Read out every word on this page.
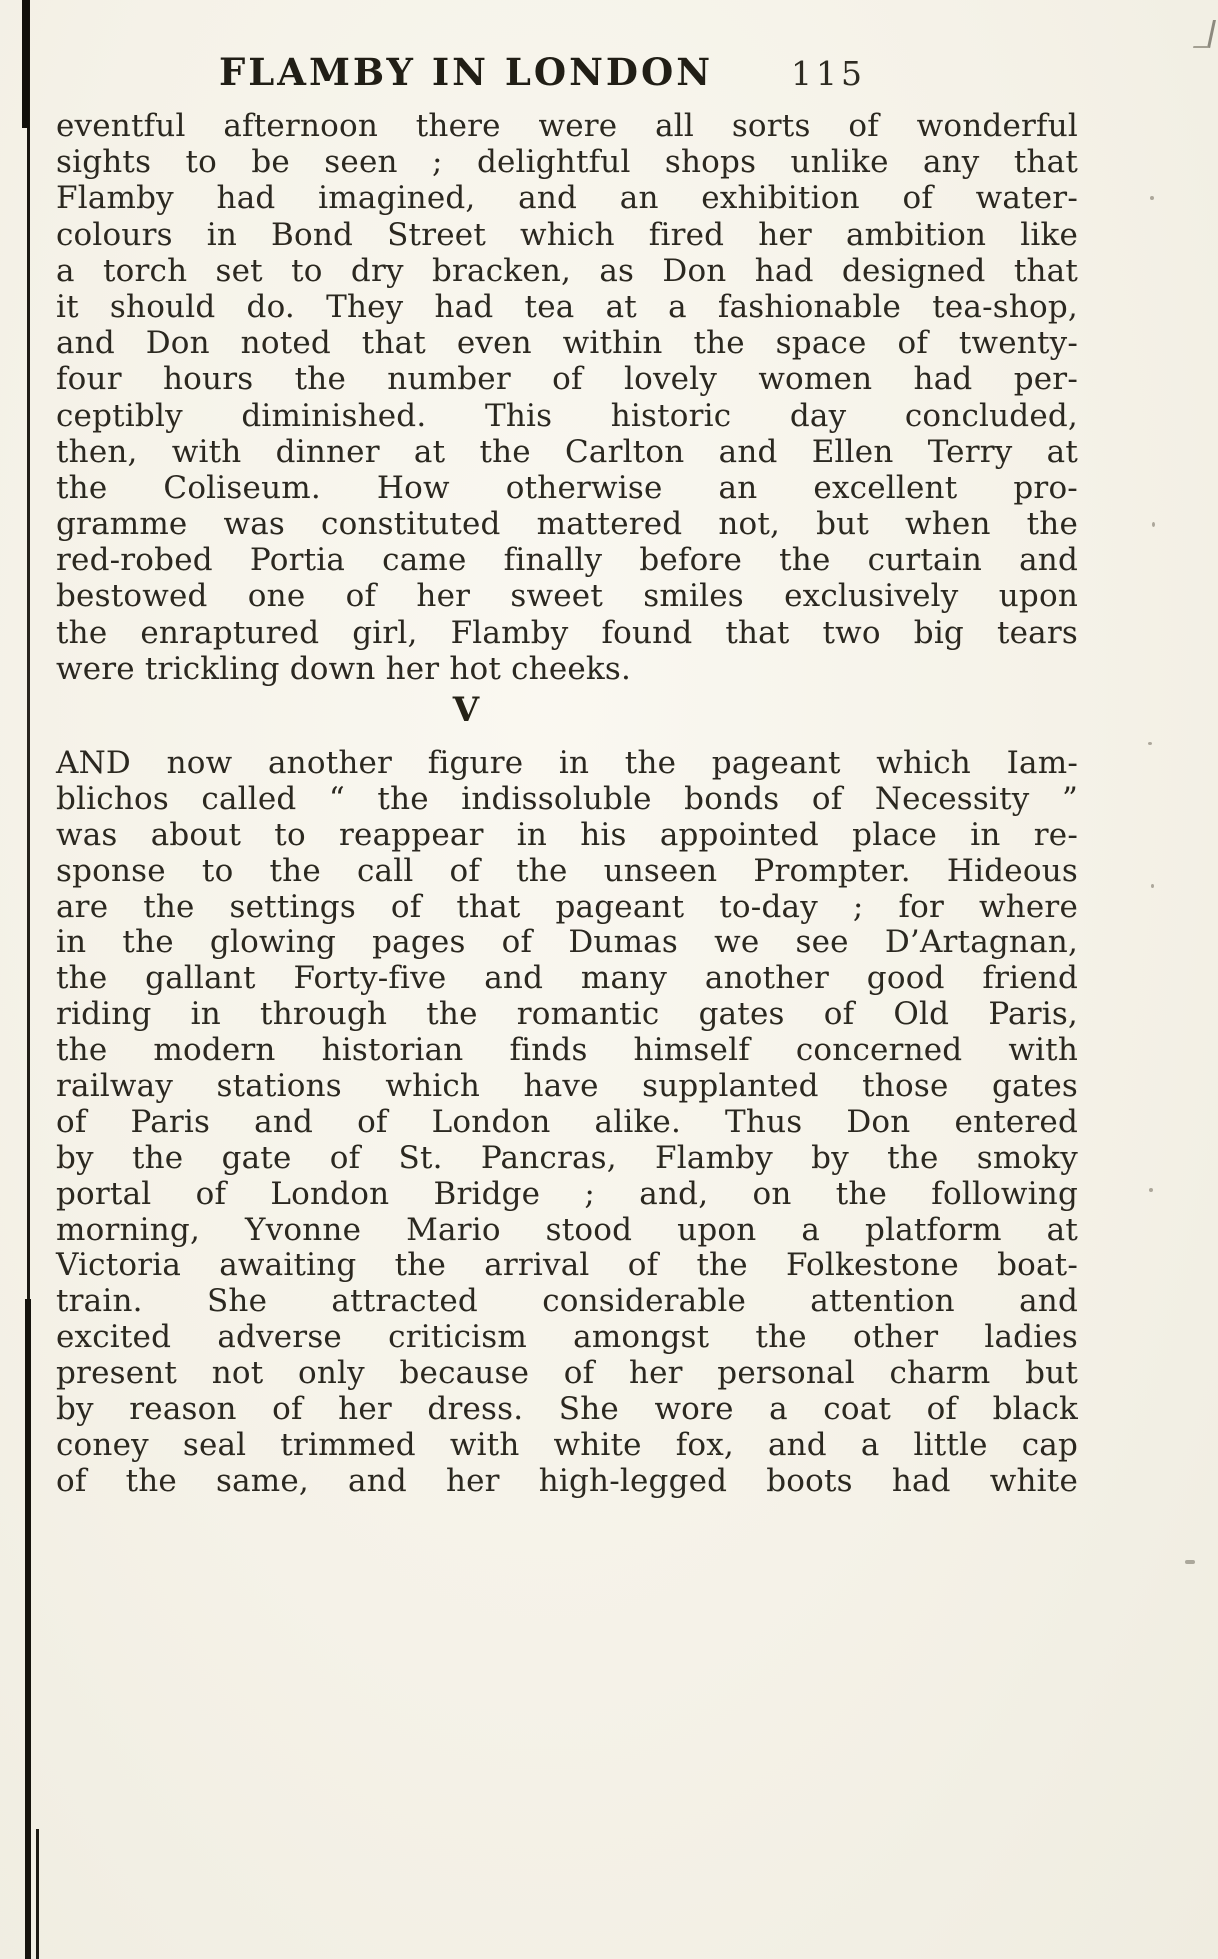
FLAMBY IN LONDON	115
eventful afternoon there were all sorts of wonderful
sights to be seen ; delightful shops unlike any that
Flamby had imagined, and an exhibition of water-
colours in Bond Street which fired her ambition like
a torch set to dry bracken, as Don had designed that
it should do. They had tea at a fashionable tea-shop,
and Don noted that even within the space of twenty-
four hours the number of lovely women had per-
ceptibly diminished. This historic day concluded,
then, with dinner at the Carlton and Ellen Terry at
the Coliseum. How otherwise an excellent pro-
gramme was constituted mattered not, but when the
red-robed Portia came finally before the curtain and
bestowed one of her sweet smiles exclusively upon
the enraptured girl, Flamby found that two big tears
were trickling down her hot cheeks.
V
AND now another figure in the pageant which Iam-
blichos called “ the indissoluble bonds of Necessity ”
was about to reappear in his appointed place in re-
sponse to the call of the unseen Prompter. Hideous
are the settings of that pageant to-day ; for where
in the glowing pages of Dumas we see D’Artagnan,
the gallant Forty-five and many another good friend
riding in through the romantic gates of Old Paris,
the modern historian finds himself concerned with
railway stations which have supplanted those gates
of Paris and of London alike. Thus Don entered
by the gate of St. Pancras, Flamby by the smoky
portal of London Bridge ; and, on the following
morning, Yvonne Mario stood upon a platform at
Victoria awaiting the arrival of the Folkestone boat-
train. She attracted considerable attention and
excited adverse criticism amongst the other ladies
present not only because of her personal charm but
by reason of her dress. She wore a coat of black
coney seal trimmed with white fox, and a little cap
of the same, and her high-legged boots had white
